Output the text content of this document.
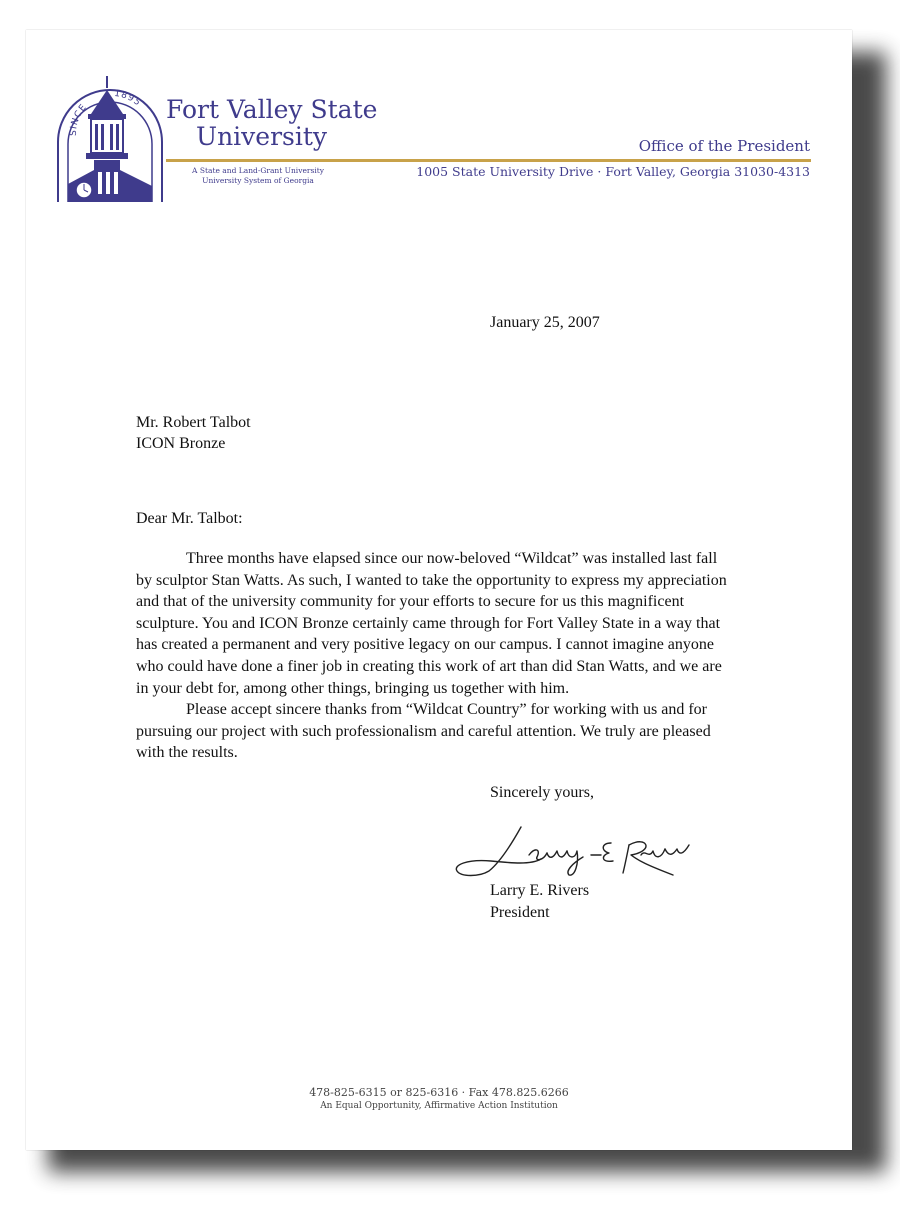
SINCE
1895 Fort Valley State
University	Office of the President
A State and Land-Grant University
University System of Georgia
1005 State University Drive · Fort Valley, Georgia 31030-4313
January 25, 2007
Mr. Robert Talbot
ICON Bronze
Dear Mr. Talbot:

Three months have elapsed since our now-beloved “Wildcat” was installed last fall by sculptor Stan Watts. As such, I wanted to take the opportunity to express my appreciation and that of the university community for your efforts to secure for us this magnificent sculpture. You and ICON Bronze certainly came through for Fort Valley State in a way that has created a permanent and very positive legacy on our campus. I cannot imagine anyone who could have done a finer job in creating this work of art than did Stan Watts, and we are in your debt for, among other things, bringing us together with him.

Please accept sincere thanks from “Wildcat Country” for working with us and for pursuing our project with such professionalism and careful attention. We truly are pleased with the results.

Sincerely yours,
Larry E. Rivers
President
478-825-6315 or 825-6316 · Fax 478.825.6266
An Equal Opportunity, Affirmative Action Institution
